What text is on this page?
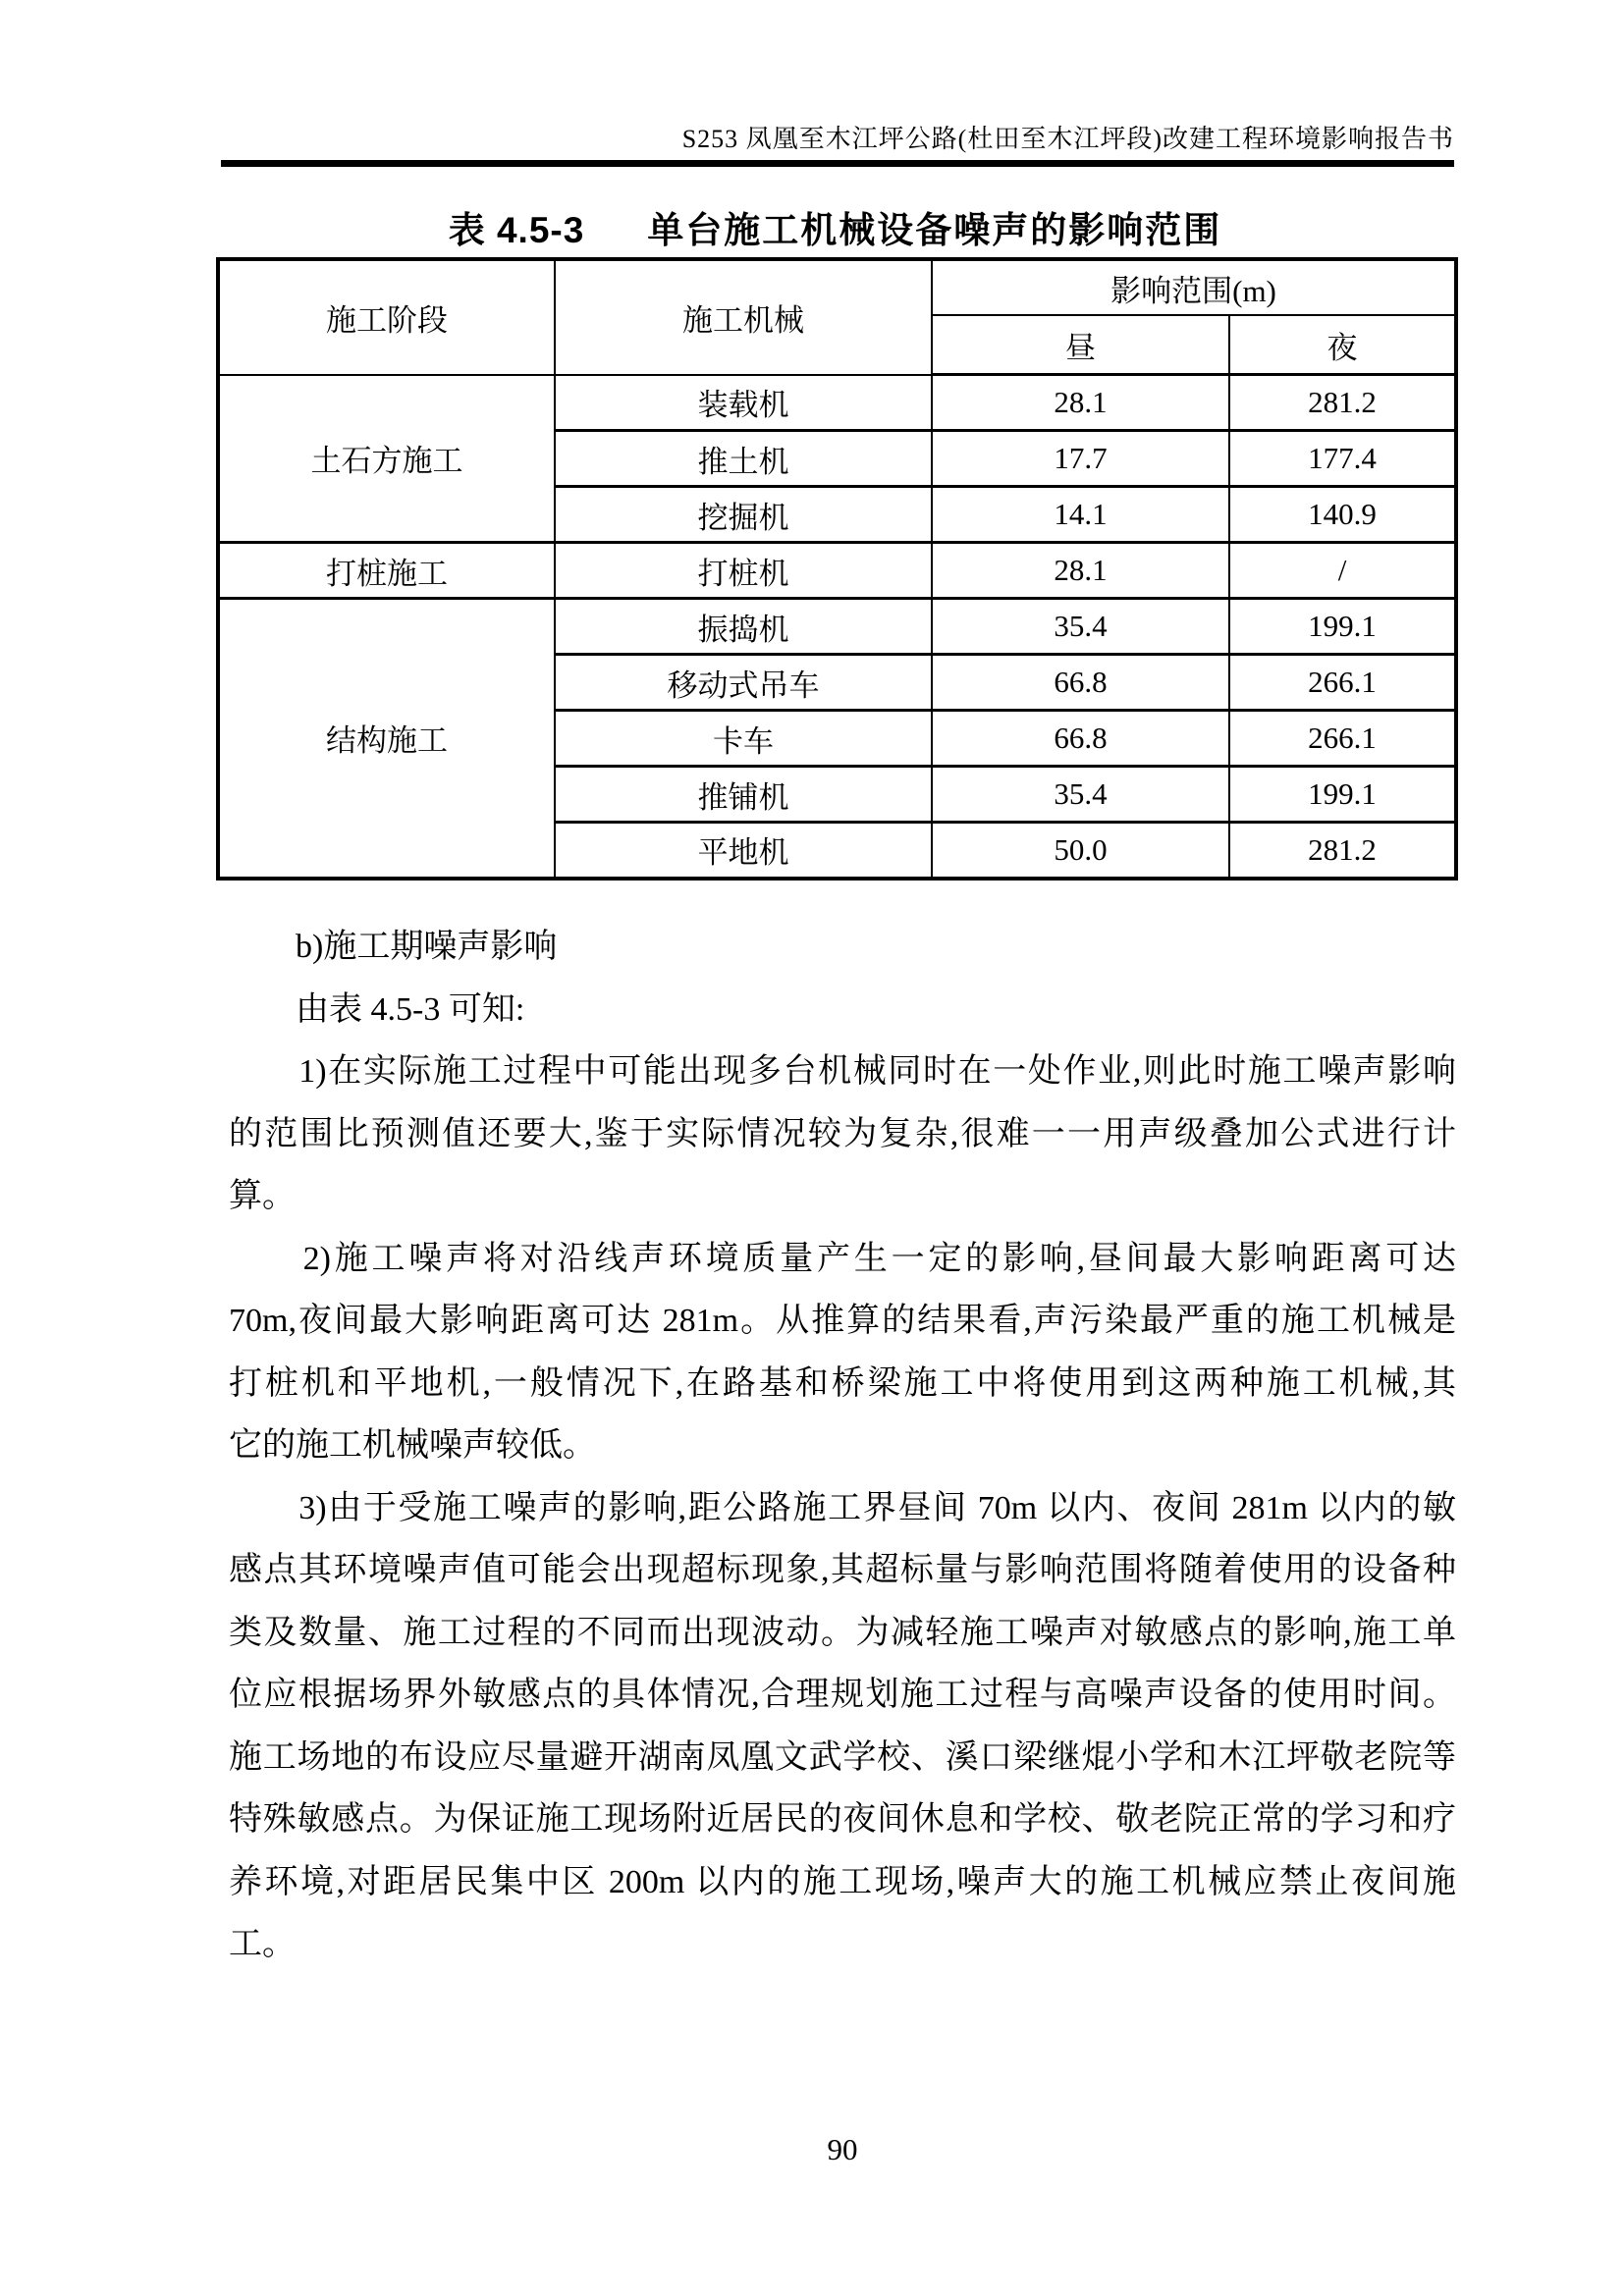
S253 凤凰至木江坪公路(杜田至木江坪段)改建工程环境影响报告书
表 4.5-3 单台施工机械设备噪声的影响范围
施工阶段	施工机械	影响范围(m)	
		昼	夜
土石方施工	装载机	28.1	281.2
	推土机	17.7	177.4
	挖掘机	14.1	140.9
打桩施工	打桩机	28.1	/
结构施工	振捣机	35.4	199.1
	移动式吊车	66.8	266.1
	卡车	66.8	266.1
	推铺机	35.4	199.1
	平地机	50.0	281.2
　　b)施工期噪声影响
　　由表 4.5-3 可知:
　　1)在实际施工过程中可能出现多台机械同时在一处作业,则此时施工噪声影响
的范围比预测值还要大,鉴于实际情况较为复杂,很难一一用声级叠加公式进行计
算。
　　2)施工噪声将对沿线声环境质量产生一定的影响,昼间最大影响距离可达
70m,夜间最大影响距离可达 281m。从推算的结果看,声污染最严重的施工机械是
打桩机和平地机,一般情况下,在路基和桥梁施工中将使用到这两种施工机械,其
它的施工机械噪声较低。
　　3)由于受施工噪声的影响,距公路施工界昼间 70m 以内、夜间 281m 以内的敏
感点其环境噪声值可能会出现超标现象,其超标量与影响范围将随着使用的设备种
类及数量、施工过程的不同而出现波动。为减轻施工噪声对敏感点的影响,施工单
位应根据场界外敏感点的具体情况,合理规划施工过程与高噪声设备的使用时间。
施工场地的布设应尽量避开湖南凤凰文武学校、溪口梁继焜小学和木江坪敬老院等
特殊敏感点。为保证施工现场附近居民的夜间休息和学校、敬老院正常的学习和疗
养环境,对距居民集中区 200m 以内的施工现场,噪声大的施工机械应禁止夜间施
工。
90
